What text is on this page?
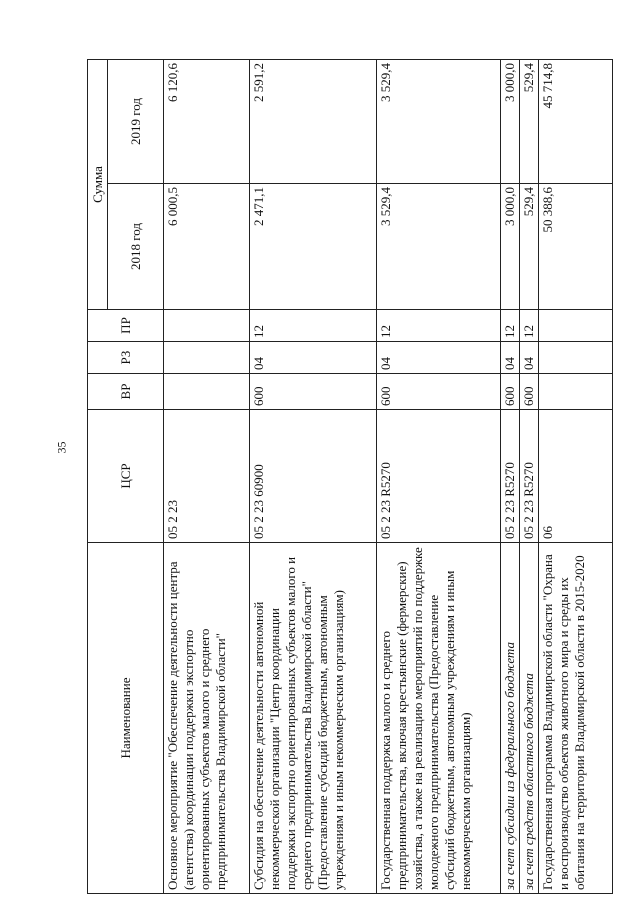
35
Наименование	ЦСР	ВР	РЗ	ПР	Сумма	
					2018 год	2019 год
Основное мероприятие "Обеспечение деятельности центра (агентства) координации поддержки экспортно ориентированных субъектов малого и среднего предпринимательства Владимирской области"	05 2 23				6 000,5	6 120,6
Субсидия на обеспечение деятельности автономной некоммерческой организации "Центр координации поддержки экспортно ориентированных субъектов малого и среднего предпринимательства Владимирской области" (Предоставление субсидий бюджетным, автономным учреждениям и иным некоммерческим организациям)	05 2 23 60900	600	04	12	2 471,1	2 591,2
Государственная поддержка малого и среднего предпринимательства, включая крестьянские (фермерские) хозяйства, а также на реализацию мероприятий по поддержке молодежного предпринимательства (Предоставление субсидий бюджетным, автономным учреждениям и иным некоммерческим организациям)	05 2 23 R5270	600	04	12	3 529,4	3 529,4
за счет субсидии из федерального бюджета	05 2 23 R5270	600	04	12	3 000,0	3 000,0
за счет средств областного бюджета	05 2 23 R5270	600	04	12	529,4	529,4
Государственная программа Владимирской области "Охрана и воспроизводство объектов животного мира и среды их обитания на территории Владимирской области в 2015-2020	06				50 388,6	45 714,8
